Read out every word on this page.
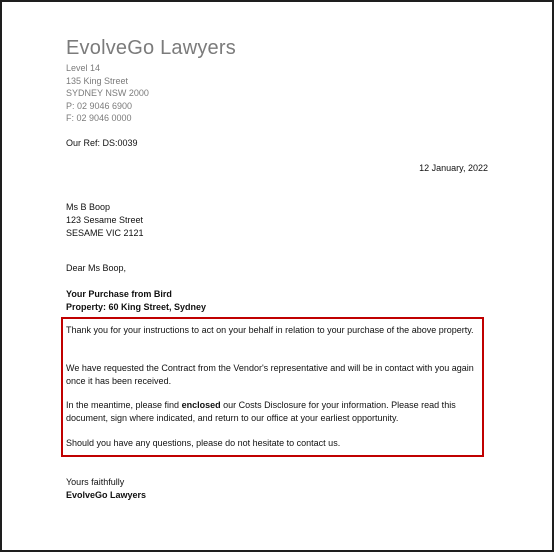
EvolveGo Lawyers
Level 14
135 King Street
SYDNEY NSW 2000
P: 02 9046 6900
F: 02 9046 0000
Our Ref: DS:0039
12 January, 2022
Ms B Boop
123 Sesame Street
SESAME VIC 2121
Dear Ms Boop,
Your Purchase from Bird
Property: 60 King Street, Sydney
Thank you for your instructions to act on your behalf in relation to your purchase of the above property.
We have requested the Contract from the Vendor's representative and will be in contact with you again once it has been received.
In the meantime, please find enclosed our Costs Disclosure for your information. Please read this document, sign where indicated, and return to our office at your earliest opportunity.
Should you have any questions, please do not hesitate to contact us.
Yours faithfully
EvolveGo Lawyers
